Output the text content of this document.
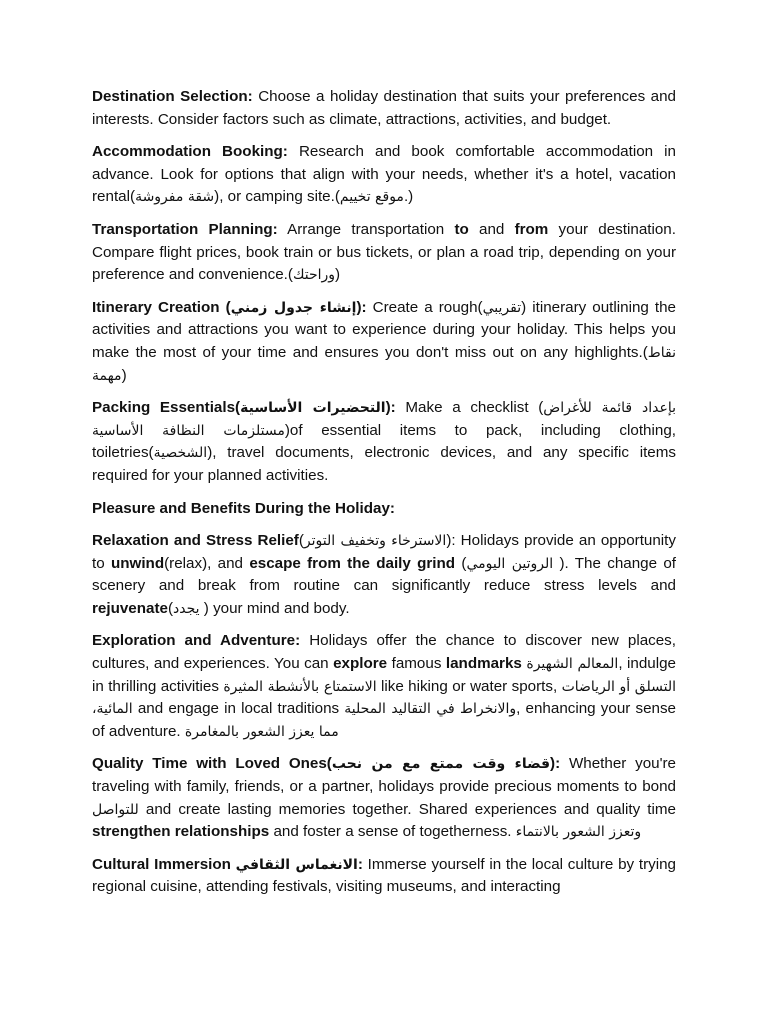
Destination Selection: Choose a holiday destination that suits your preferences and interests. Consider factors such as climate, attractions, activities, and budget.

Accommodation Booking: Research and book comfortable accommodation in advance. Look for options that align with your needs, whether it's a hotel, vacation rental(شقة مفروشة), or camping site.(موقع تخييم.)

Transportation Planning: Arrange transportation to and from your destination. Compare flight prices, book train or bus tickets, or plan a road trip, depending on your preference and convenience.(وراحتك)

Itinerary Creation (إنشاء جدول زمني): Create a rough(تقريبي) itinerary outlining the activities and attractions you want to experience during your holiday. This helps you make the most of your time and ensures you don't miss out on any highlights.(نقاط مهمة)

Packing Essentials(التحضيرات الأساسية): Make a checklist (بإعداد قائمة للأغراض مستلزمات النظافة الأساسية)of essential items to pack, including clothing, toiletries(الشخصية), travel documents, electronic devices, and any specific items required for your planned activities.

Pleasure and Benefits During the Holiday:

Relaxation and Stress Relief(الاسترخاء وتخفيف التوتر): Holidays provide an opportunity to unwind(relax), and escape from the daily grind (الروتين اليومي ). The change of scenery and break from routine can significantly reduce stress levels and rejuvenate(يجدد ) your mind and body.

Exploration and Adventure: Holidays offer the chance to discover new places, cultures, and experiences. You can explore famous landmarks المعالم الشهيرة, indulge in thrilling activities الاستمتاع بالأنشطة المثيرة like hiking or water sports, التسلق أو الرياضات المائية، and engage in local traditions والانخراط في التقاليد المحلية, enhancing your sense of adventure. مما يعزز الشعور بالمغامرة

Quality Time with Loved Ones(قضاء وقت ممتع مع من نحب): Whether you're traveling with family, friends, or a partner, holidays provide precious moments to bond للتواصل and create lasting memories together. Shared experiences and quality time strengthen relationships and foster a sense of togetherness. وتعزز الشعور بالانتماء

Cultural Immersion الانغماس الثقافي: Immerse yourself in the local culture by trying regional cuisine, attending festivals, visiting museums, and interacting
